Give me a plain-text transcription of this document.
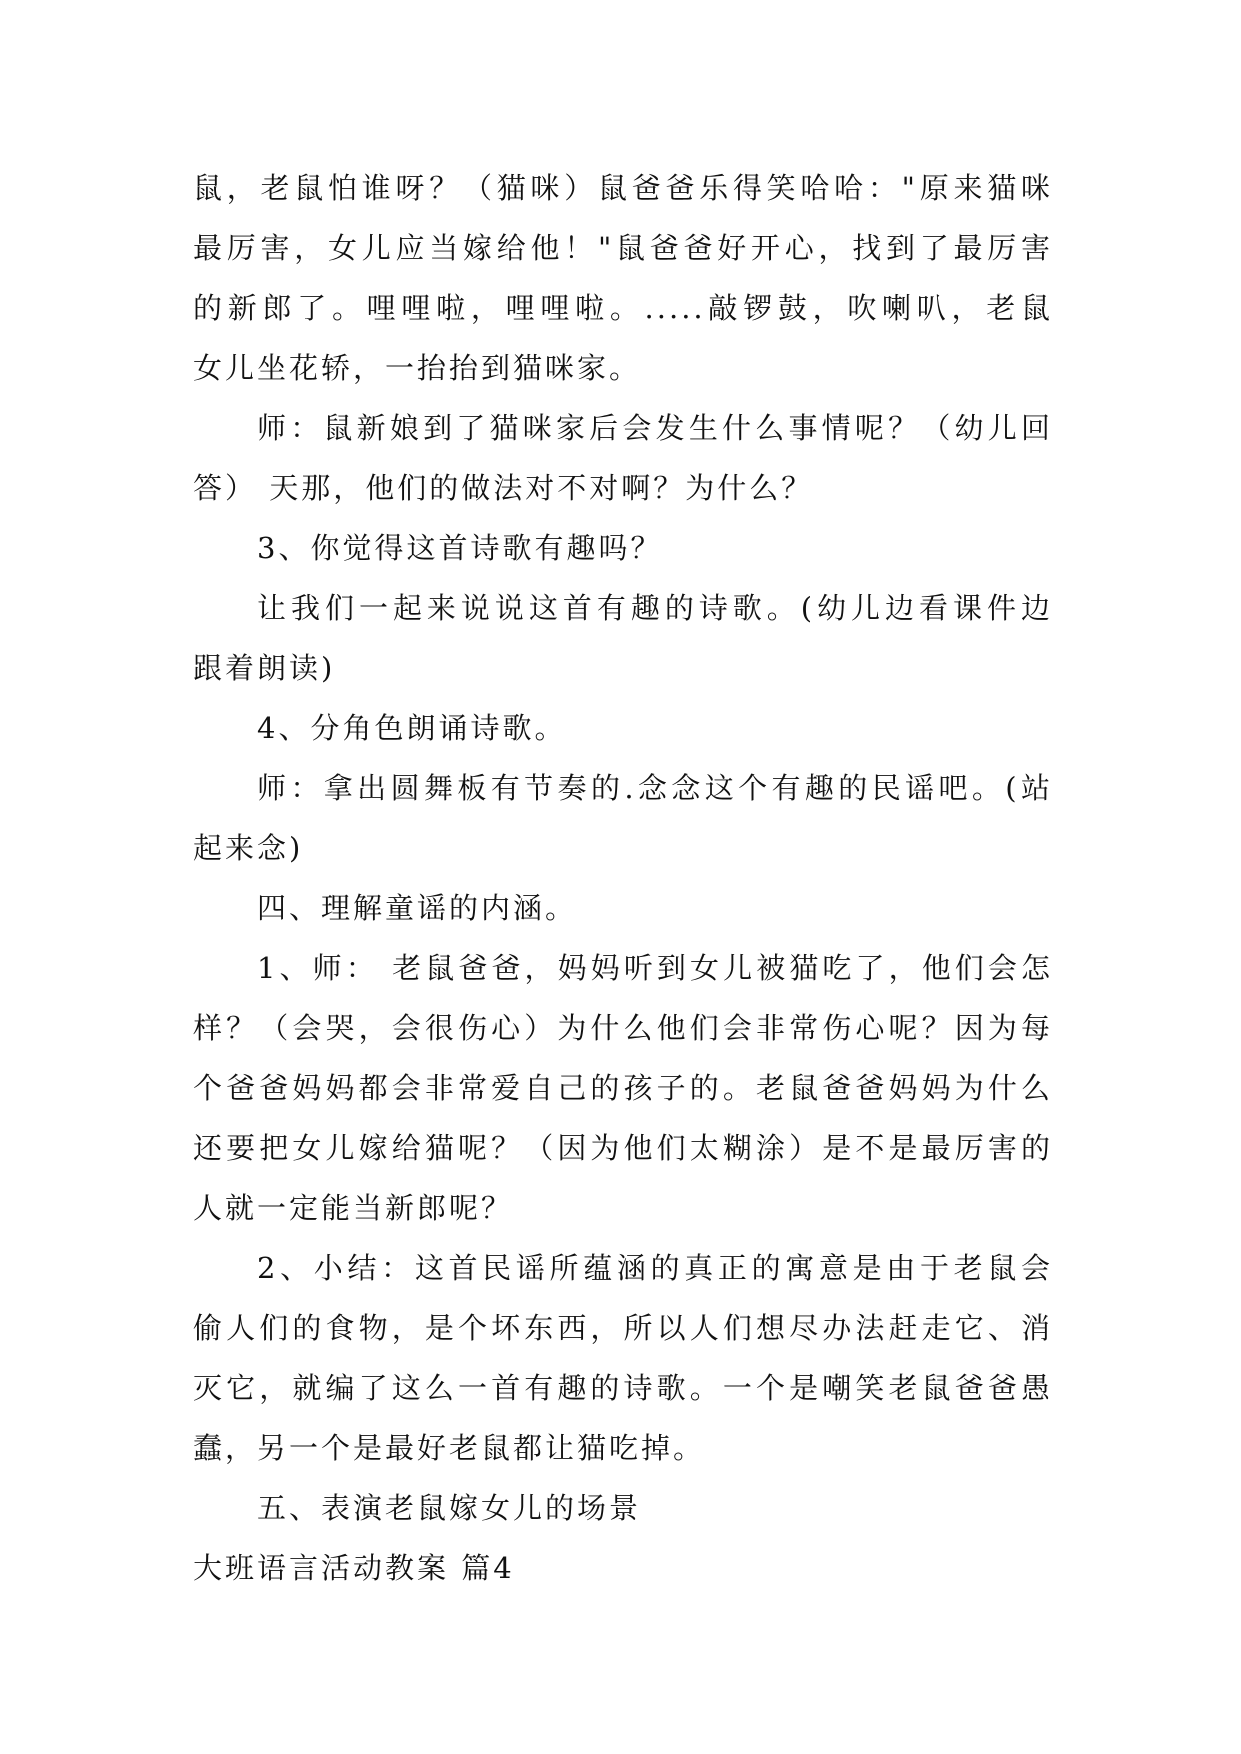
鼠，老鼠怕谁呀？（猫咪）鼠爸爸乐得笑哈哈："原来猫咪
最厉害，女儿应当嫁给他！"鼠爸爸好开心，找到了最厉害
的新郎了。哩哩啦，哩哩啦。.....敲锣鼓，吹喇叭，老鼠
女儿坐花轿，一抬抬到猫咪家。
师：鼠新娘到了猫咪家后会发生什么事情呢？（幼儿回
答） 天那，他们的做法对不对啊？为什么？
3、你觉得这首诗歌有趣吗？
让我们一起来说说这首有趣的诗歌。(幼儿边看课件边
跟着朗读)
4、分角色朗诵诗歌。
师：拿出圆舞板有节奏的.念念这个有趣的民谣吧。(站
起来念)
四、理解童谣的内涵。
1、师： 老鼠爸爸，妈妈听到女儿被猫吃了，他们会怎
样？（会哭，会很伤心）为什么他们会非常伤心呢？因为每
个爸爸妈妈都会非常爱自己的孩子的。老鼠爸爸妈妈为什么
还要把女儿嫁给猫呢？（因为他们太糊涂）是不是最厉害的
人就一定能当新郎呢？
2、小结：这首民谣所蕴涵的真正的寓意是由于老鼠会
偷人们的食物，是个坏东西，所以人们想尽办法赶走它、消
灭它，就编了这么一首有趣的诗歌。一个是嘲笑老鼠爸爸愚
蠢，另一个是最好老鼠都让猫吃掉。
五、表演老鼠嫁女儿的场景
大班语言活动教案 篇4
